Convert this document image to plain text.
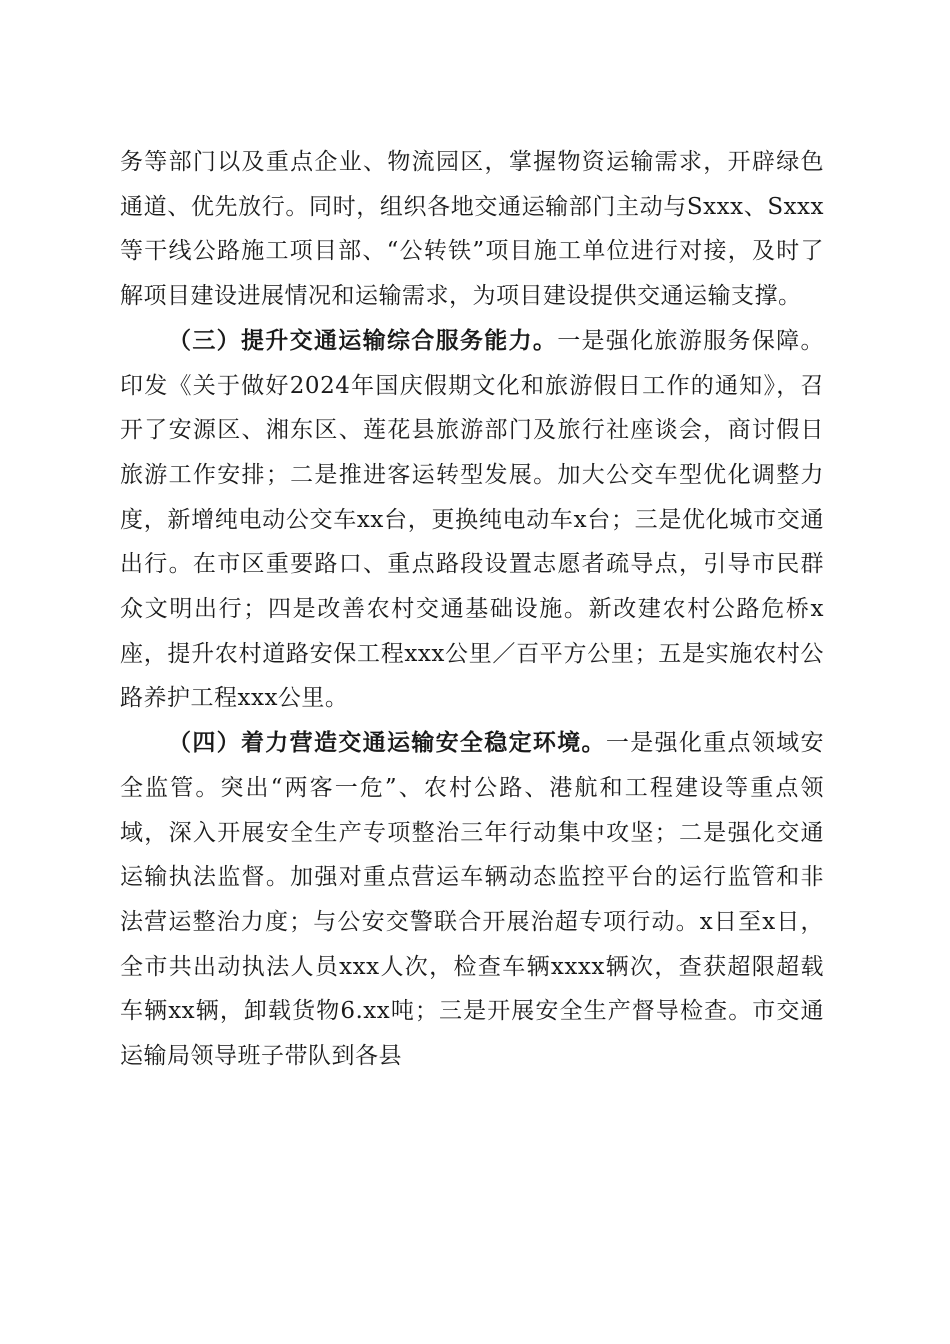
务等部门以及重点企业、物流园区，掌握物资运输需求，开辟绿色通道、优先放行。同时，组织各地交通运输部门主动与Sxxx、Sxxx等干线公路施工项目部、“公转铁”项目施工单位进行对接，及时了解项目建设进展情况和运输需求，为项目建设提供交通运输支撑。

（三）提升交通运输综合服务能力。一是强化旅游服务保障。印发《关于做好2024年国庆假期文化和旅游假日工作的通知》，召开了安源区、湘东区、莲花县旅游部门及旅行社座谈会，商讨假日旅游工作安排；二是推进客运转型发展。加大公交车型优化调整力度，新增纯电动公交车xx台，更换纯电动车x台；三是优化城市交通出行。在市区重要路口、重点路段设置志愿者疏导点，引导市民群众文明出行；四是改善农村交通基础设施。新改建农村公路危桥x座，提升农村道路安保工程xxx公里／百平方公里；五是实施农村公路养护工程xxx公里。

（四）着力营造交通运输安全稳定环境。一是强化重点领域安全监管。突出“两客一危”、农村公路、港航和工程建设等重点领域，深入开展安全生产专项整治三年行动集中攻坚；二是强化交通运输执法监督。加强对重点营运车辆动态监控平台的运行监管和非法营运整治力度；与公安交警联合开展治超专项行动。x日至x日，全市共出动执法人员xxx人次，检查车辆xxxx辆次，查获超限超载车辆xx辆，卸载货物6.xx吨；三是开展安全生产督导检查。市交通运输局领导班子带队到各县
